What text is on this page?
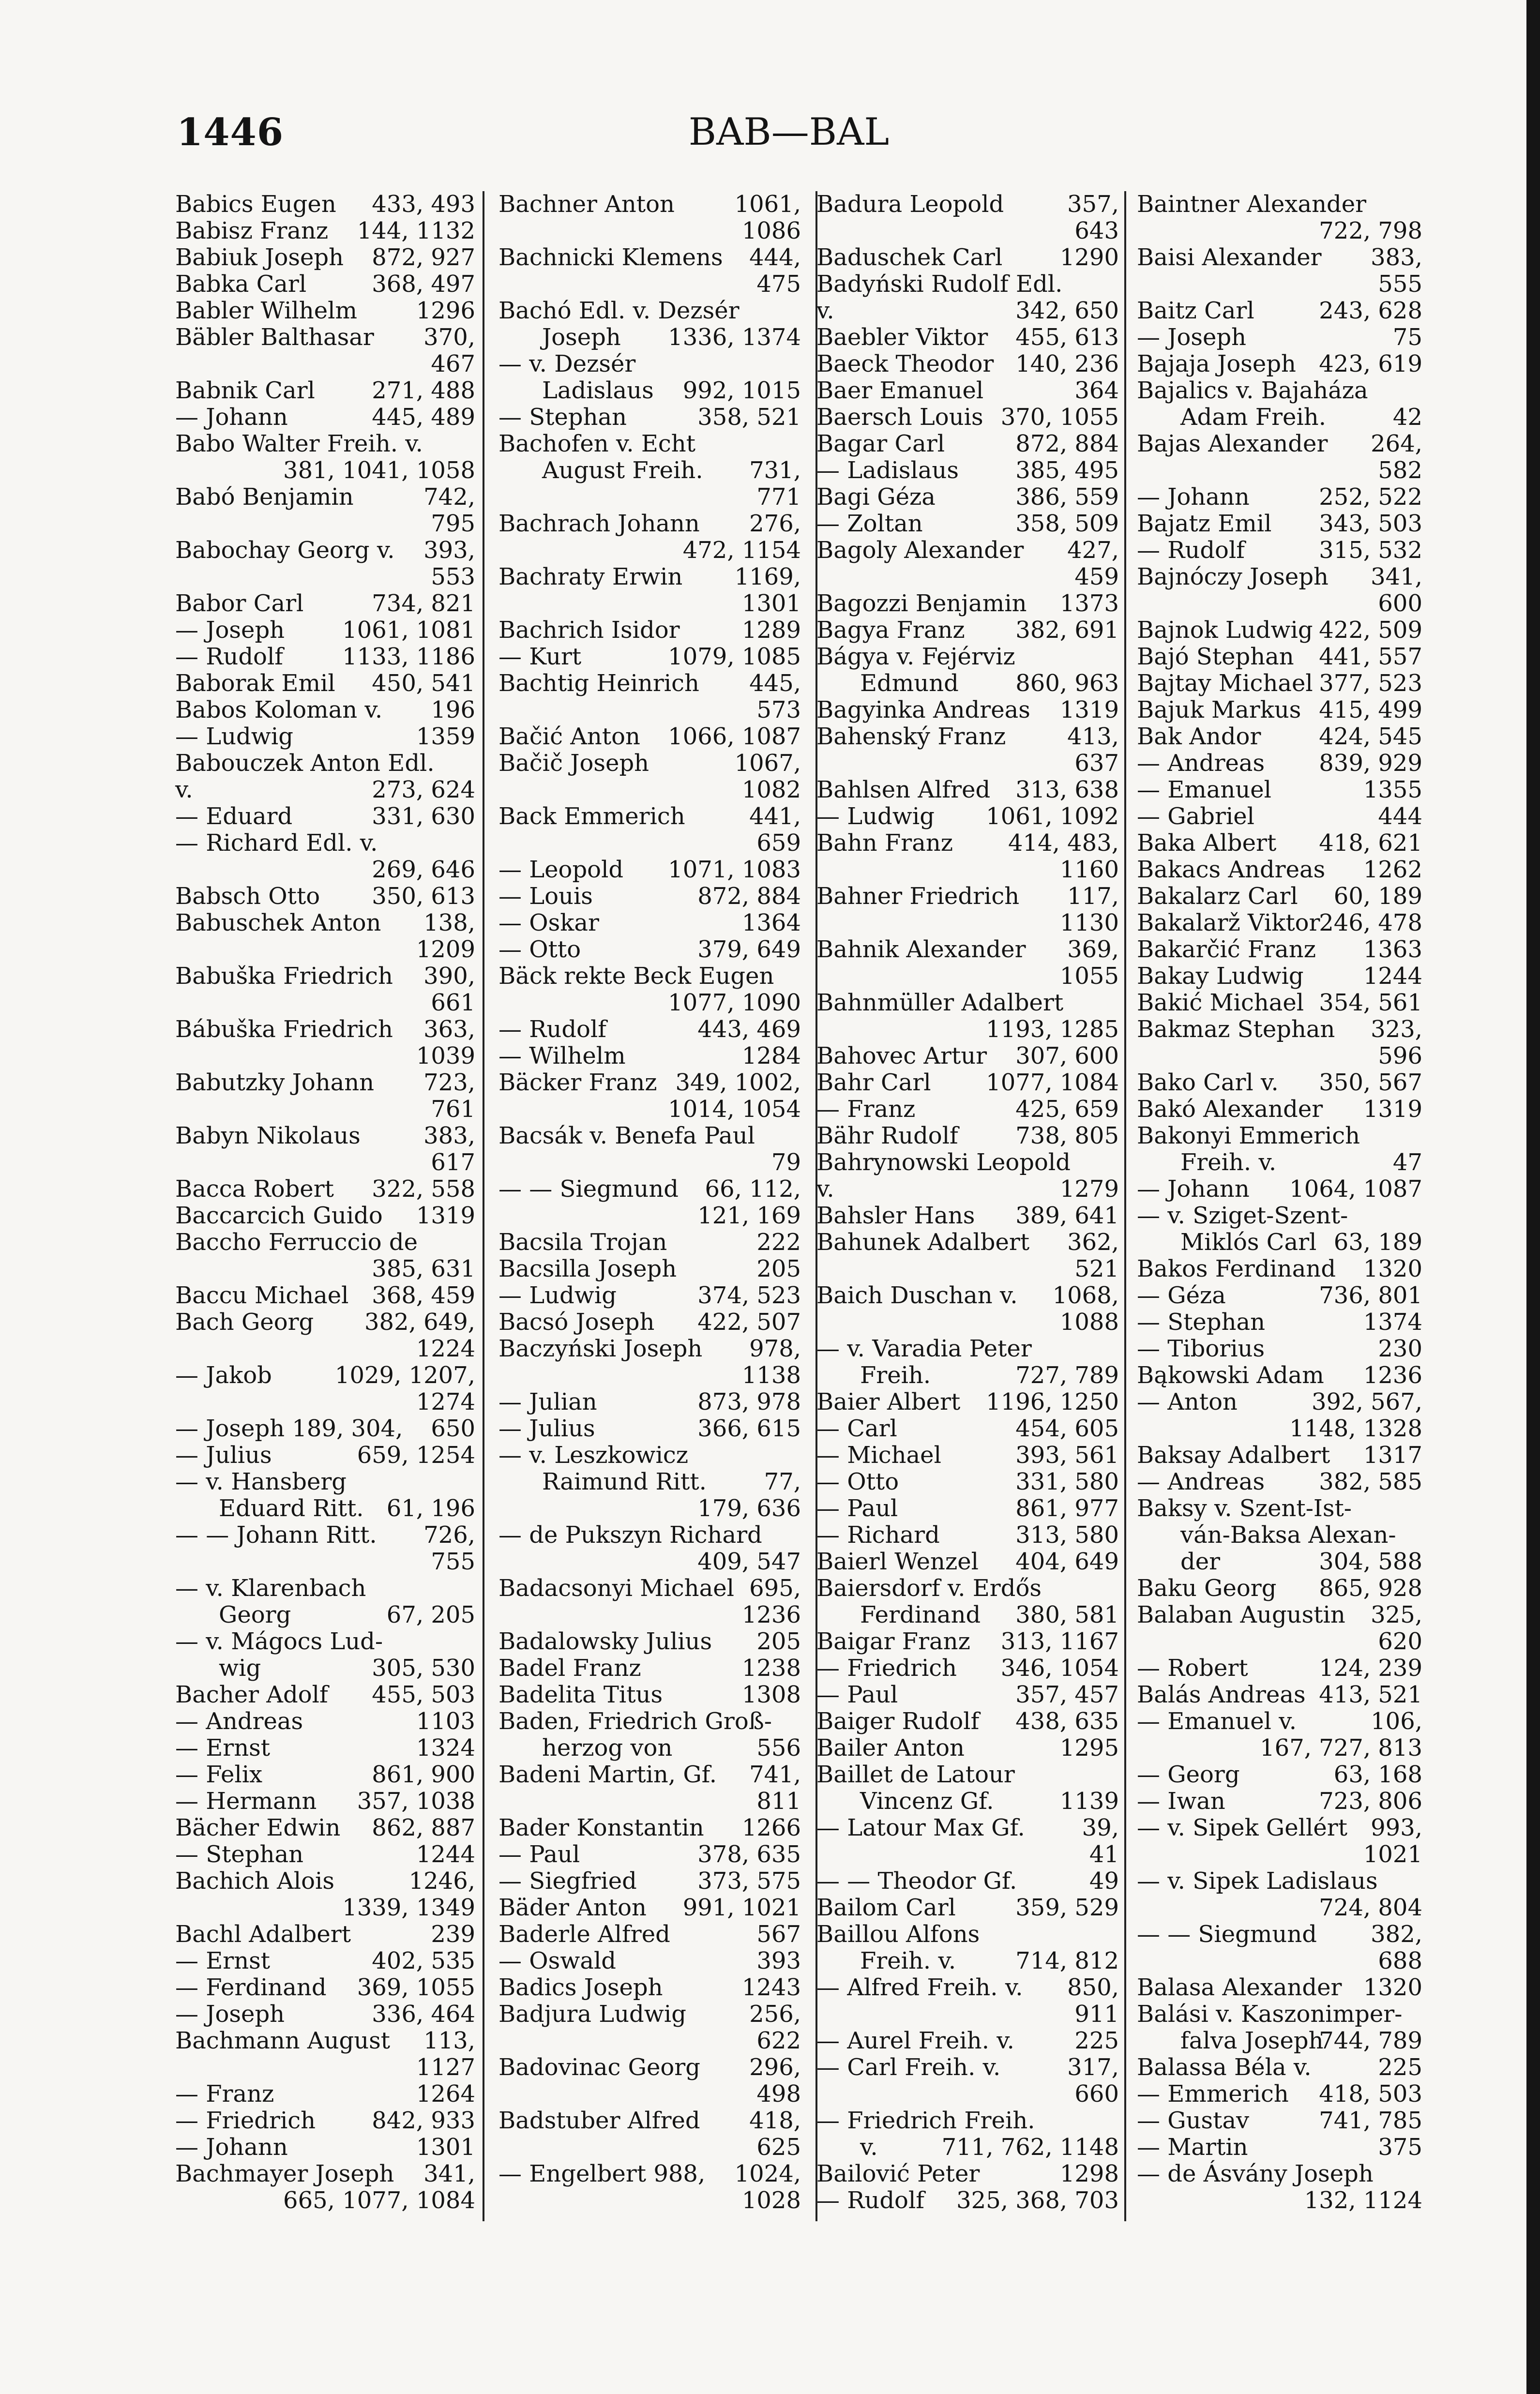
1446	BAB—BAL
Babics Eugen 433, 493
Babisz Franz 144, 1132
Babiuk Joseph 872, 927
Babka Carl	368, 497
Babler Wilhelm	1296
Bäbler Balthasar 370,
467
Babnik Carl 271, 488
— Johann	445, 489
Babo Walter Freih. v.
381, 1041, 1058
Babó Benjamin	742,
795
Babochay Georg v. 393,
553
Babor Carl	734, 821
— Joseph 1061, 1081
— Rudolf	1133, 1186
Baborak Emil 450, 541
Babos Koloman v. 196
— Ludwig	1359
Babouczek Anton Edl.
v.	273, 624
— Eduard	331, 630
— Richard Edl. v.
269, 646
Babsch Otto 350, 613
Babuschek Anton 138,
1209
Babuška Friedrich 390,
661
Bábuška Friedrich 363,
1039
Babutzky Johann 723,
761
Babyn Nikolaus	383,
617
Bacca Robert 322, 558
Baccarcich Guido 1319
Baccho Ferruccio de
385, 631
Baccu Michael 368, 459
Bach Georg 382, 649,
1224
— Jakob	1029, 1207,
1274
— Joseph 189, 304, 650
— Julius	659, 1254
— v. Hansberg
Eduard Ritt. 61, 196
— — Johann Ritt. 726,
755
— v. Klarenbach
Georg	67, 205
— v. Mágocs Lud-
wig	305, 530
Bacher Adolf 455, 503
— Andreas	1103
— Ernst	1324
— Felix	861, 900
— Hermann 357, 1038
Bächer Edwin 862, 887
— Stephan	1244
Bachich Alois	1246,
1339, 1349
Bachl Adalbert	239
— Ernst	402, 535
— Ferdinand 369, 1055
— Joseph	336, 464
Bachmann August 113,
1127
— Franz	1264
— Friedrich 842, 933
— Johann	1301
Bachmayer Joseph 341,
665, 1077, 1084
Bachner Anton	1061,
1086
Bachnicki Klemens 444,
475
Bachó Edl. v. Dezsér
Joseph 1336, 1374
— v. Dezsér
Ladislaus 992, 1015
— Stephan	358, 521
Bachofen v. Echt
August Freih. 731,
771
Bachrach Johann 276,
472, 1154
Bachraty Erwin 1169,
1301
Bachrich Isidor	1289
— Kurt	1079, 1085
Bachtig Heinrich 445,
573
Bačić Anton 1066, 1087
Bačič Joseph	1067,
1082
Back Emmerich	441,
659
— Leopold 1071, 1083
— Louis	872, 884
— Oskar	1364
— Otto	379, 649
Bäck rekte Beck Eugen
1077, 1090
— Rudolf	443, 469
— Wilhelm	1284
Bäcker Franz 349, 1002,
1014, 1054
Bacsák v. Benefa Paul
79
— — Siegmund 66, 112,
121, 169
Bacsila Trojan	222
Bacsilla Joseph	205
— Ludwig	374, 523
Bacsó Joseph 422, 507
Baczyński Joseph 978,
1138
— Julian	873, 978
— Julius	366, 615
— v. Leszkowicz
Raimund Ritt. 77,
179, 636
— de Pukszyn Richard
409, 547
Badacsonyi Michael 695,
1236
Badalowsky Julius 205
Badel Franz	1238
Badelita Titus	1308
Baden, Friedrich Groß-
herzog von	556
Badeni Martin, Gf. 741,
811
Bader Konstantin 1266
— Paul	378, 635
— Siegfried	373, 575
Bäder Anton 991, 1021
Baderle Alfred	567
— Oswald	393
Badics Joseph	1243
Badjura Ludwig	256,
622
Badovinac Georg 296,
498
Badstuber Alfred 418,
625
— Engelbert 988, 1024,
1028
Badura Leopold	357,
643
Baduschek Carl 1290
Badyński Rudolf Edl.
v.	342, 650
Baebler Viktor 455, 613
Baeck Theodor 140, 236
Baer Emanuel	364
Baersch Louis 370, 1055
Bagar Carl	872, 884
— Ladislaus 385, 495
Bagi Géza	386, 559
— Zoltan	358, 509
Bagoly Alexander 427,
459
Bagozzi Benjamin 1373
Bagya Franz 382, 691
Bágya v. Fejérviz
Edmund 860, 963
Bagyinka Andreas 1319
Bahenský Franz	413,
637
Bahlsen Alfred 313, 638
— Ludwig 1061, 1092
Bahn Franz 414, 483,
1160
Bahner Friedrich 117,
1130
Bahnik Alexander 369,
1055
Bahnmüller Adalbert
1193, 1285
Bahovec Artur 307, 600
Bahr Carl 1077, 1084
— Franz	425, 659
Bähr Rudolf 738, 805
Bahrynowski Leopold
v.	1279
Bahsler Hans 389, 641
Bahunek Adalbert 362,
521
Baich Duschan v. 1068,
1088
— v. Varadia Peter
Freih.	727, 789
Baier Albert 1196, 1250
— Carl	454, 605
— Michael	393, 561
— Otto	331, 580
— Paul	861, 977
— Richard	313, 580
Baierl Wenzel 404, 649
Baiersdorf v. Erdős
Ferdinand 380, 581
Baigar Franz 313, 1167
— Friedrich 346, 1054
— Paul	357, 457
Baiger Rudolf 438, 635
Bailer Anton	1295
Baillet de Latour
Vincenz Gf.	1139
— Latour Max Gf. 39,
41
— — Theodor Gf.	49
Bailom Carl	359, 529
Baillou Alfons
Freih. v.	714, 812
— Alfred Freih. v. 850,
911
— Aurel Freih. v.	225
— Carl Freih. v.	317,
660
— Friedrich Freih.
v.	711, 762, 1148
Bailović Peter	1298
— Rudolf 325, 368, 703
Baintner Alexander
722, 798
Baisi Alexander 383,
555
Baitz Carl	243, 628
— Joseph	75
Bajaja Joseph 423, 619
Bajalics v. Bajaháza
Adam Freih.	42
Bajas Alexander 264,
582
— Johann	252, 522
Bajatz Emil 343, 503
— Rudolf	315, 532
Bajnóczy Joseph 341,
600
Bajnok Ludwig 422, 509
Bajó Stephan 441, 557
Bajtay Michael 377, 523
Bajuk Markus 415, 499
Bak Andor 424, 545
— Andreas 839, 929
— Emanuel	1355
— Gabriel	444
Baka Albert 418, 621
Bakacs Andreas 1262
Bakalarz Carl 60, 189
Bakalarž Viktor
246, 478
Bakarčić Franz 1363
Bakay Ludwig	1244
Bakić Michael 354, 561
Bakmaz Stephan 323,
596
Bako Carl v. 350, 567
Bakó Alexander 1319
Bakonyi Emmerich
Freih. v.	47
— Johann 1064, 1087
— v. Sziget-Szent-
Miklós Carl 63, 189
Bakos Ferdinand 1320
— Géza	736, 801
— Stephan	1374
— Tiborius	230
Bąkowski Adam 1236
— Anton	392, 567,
1148, 1328
Baksay Adalbert 1317
— Andreas 382, 585
Baksy v. Szent-Ist-
ván-Baksa Alexan-
der	304, 588
Baku Georg 865, 928
Balaban Augustin 325,
620
— Robert	124, 239
Balás Andreas 413, 521
— Emanuel v.	106,
167, 727, 813
— Georg	63, 168
— Iwan	723, 806
— v. Sipek Gellért 993,
1021
— v. Sipek Ladislaus
724, 804
— — Siegmund 382,
688
Balasa Alexander 1320
Balási v. Kaszonimper-
falva Joseph
744, 789
Balassa Béla v.	225
— Emmerich 418, 503
— Gustav	741, 785
— Martin	375
— de Ásvány Joseph
132, 1124
